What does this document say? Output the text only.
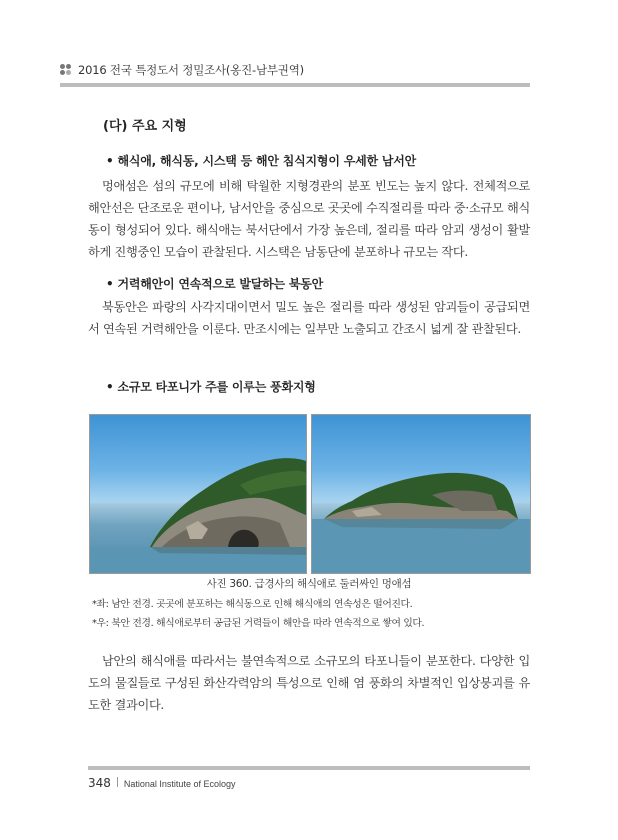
2016 전국 특정도서 정밀조사(옹진-남부권역)
(다) 주요 지형
• 해식애, 해식동, 시스택 등 해안 침식지형이 우세한 남서안

멍애섬은 섬의 규모에 비해 탁월한 지형경관의 분포 빈도는 높지 않다. 전체적으로 해안선은 단조로운 편이나, 남서안을 중심으로 곳곳에 수직절리를 따라 중·소규모 해식동이 형성되어 있다. 해식애는 북서단에서 가장 높은데, 절리를 따라 암괴 생성이 활발하게 진행중인 모습이 관찰된다. 시스택은 남동단에 분포하나 규모는 작다.

• 거력해안이 연속적으로 발달하는 북동안

북동안은 파랑의 사각지대이면서 밀도 높은 절리를 따라 생성된 암괴들이 공급되면서 연속된 거력해안을 이룬다. 만조시에는 일부만 노출되고 간조시 넓게 잘 관찰된다.

• 소규모 타포니가 주를 이루는 풍화지형
사진 360. 급경사의 해식애로 둘러싸인 멍애섬
*좌: 남안 전경. 곳곳에 분포하는 해식동으로 인해 해식애의 연속성은 떨어진다.
*우: 북안 전경. 해식애로부터 공급된 거력들이 해안을 따라 연속적으로 쌓여 있다.

남안의 해식애를 따라서는 불연속적으로 소규모의 타포니들이 분포한다. 다양한 입도의 물질들로 구성된 화산각력암의 특성으로 인해 염 풍화의 차별적인 입상붕괴를 유도한 결과이다.

348 National Institute of Ecology
